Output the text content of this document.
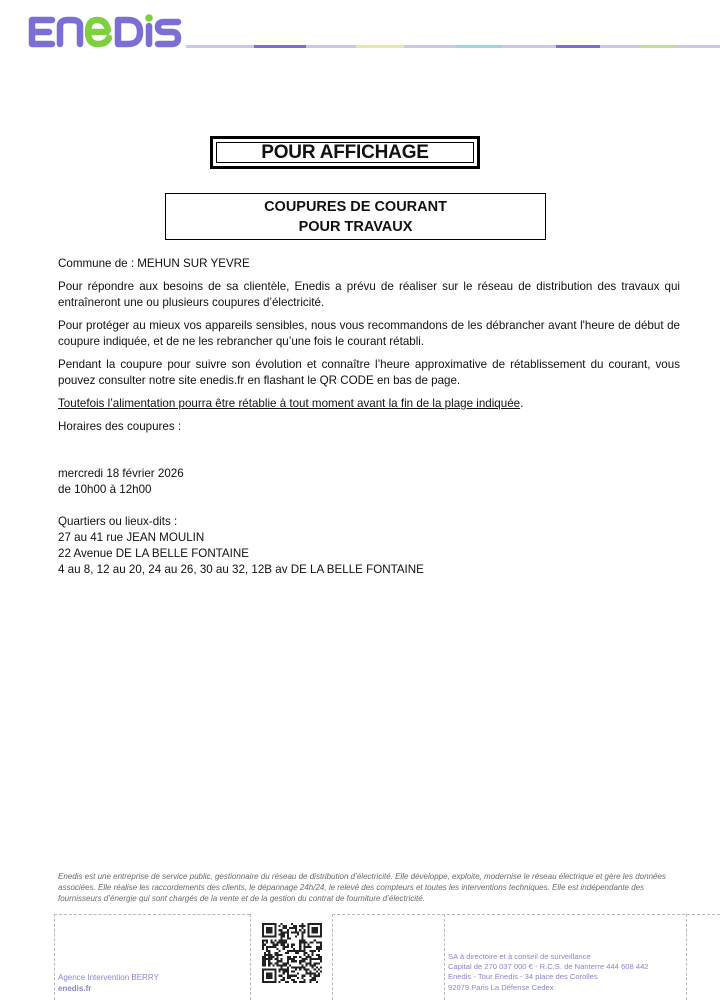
POUR AFFICHAGE
COUPURES DE COURANT
POUR TRAVAUX

Commune de : MEHUN SUR YEVRE

Pour répondre aux besoins de sa clientèle, Enedis a prévu de réaliser sur le réseau de distribution des travaux qui entraîneront une ou plusieurs coupures d’électricité.

Pour protéger au mieux vos appareils sensibles, nous vous recommandons de les débrancher avant l'heure de début de coupure indiquée, et de ne les rebrancher qu’une fois le courant rétabli.

Pendant la coupure pour suivre son évolution et connaître l’heure approximative de rétablissement du courant, vous pouvez consulter notre site enedis.fr en flashant le QR CODE en bas de page.

Toutefois l’alimentation pourra être rétablie à tout moment avant la fin de la plage indiquée.

Horaires des coupures :

mercredi 18 février 2026
de 10h00 à 12h00
Quartiers ou lieux-dits :
27 au 41 rue JEAN MOULIN
22 Avenue DE LA BELLE FONTAINE
4 au 8, 12 au 20, 24 au 26, 30 au 32, 12B av DE LA BELLE FONTAINE
Enedis est une entreprise de service public, gestionnaire du réseau de distribution d’électricité. Elle développe, exploite, modernise le réseau électrique et gère les données associées. Elle réalise les raccordements des clients, le dépannage 24h/24, le relevé des compteurs et toutes les interventions techniques. Elle est indépendante des fournisseurs d’énergie qui sont chargés de la vente et de la gestion du contrat de fourniture d’électricité.
Agence Intervention BERRY
enedis.fr
SA à directoire et à conseil de surveillance
Capital de 270 037 000 € - R.C.S. de Nanterre 444 608 442
Enedis - Tour Enedis - 34 place des Corolles
92079 Paris La Défense Cedex
